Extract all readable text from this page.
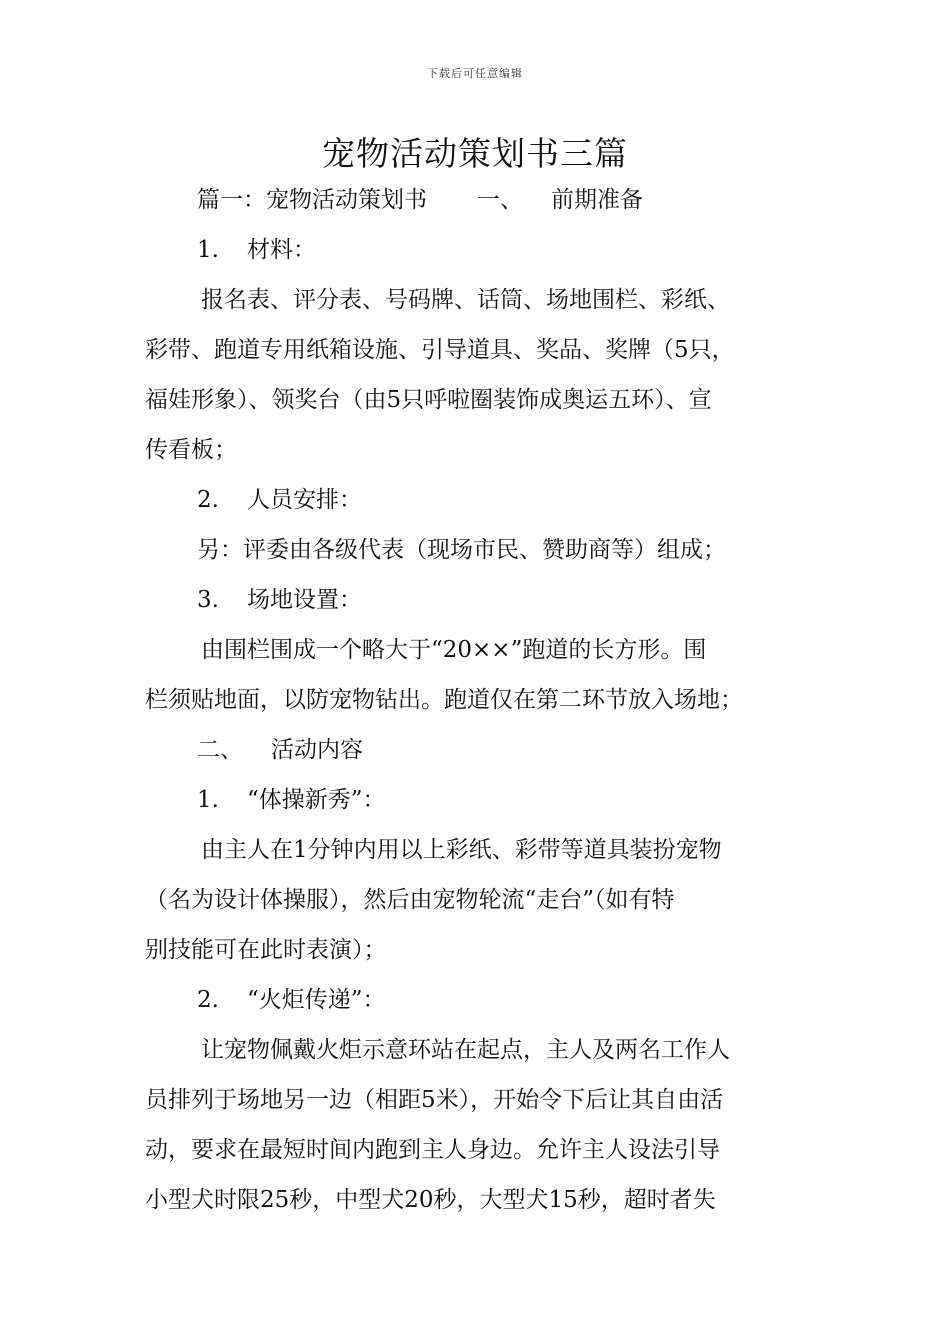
下载后可任意编辑
宠物活动策划书三篇
篇一：宠物活动策划书 一、 前期准备
1. 材料：
报名表、评分表、号码牌、话筒、场地围栏、彩纸、
彩带、跑道专用纸箱设施、引导道具、奖品、奖牌（5只，
福娃形象）、领奖台（由5只呼啦圈装饰成奥运五环）、宣
传看板；
2. 人员安排：
另：评委由各级代表（现场市民、赞助商等）组成；
3. 场地设置：
由围栏围成一个略大于“20××”跑道的长方形。围
栏须贴地面，以防宠物钻出。跑道仅在第二环节放入场地；
二、 活动内容
1. “体操新秀”：
由主人在1分钟内用以上彩纸、彩带等道具装扮宠物
（名为设计体操服），然后由宠物轮流“走台”（如有特
别技能可在此时表演）；
2. “火炬传递”：
让宠物佩戴火炬示意环站在起点，主人及两名工作人
员排列于场地另一边（相距5米），开始令下后让其自由活
动，要求在最短时间内跑到主人身边。允许主人设法引导
小型犬时限25秒，中型犬20秒，大型犬15秒，超时者失
